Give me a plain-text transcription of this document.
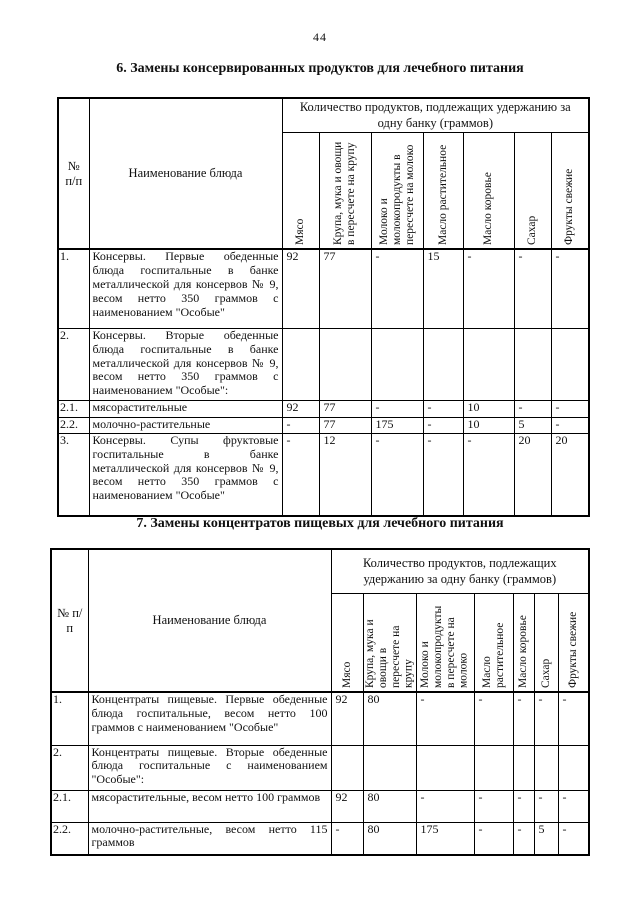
44
6. Замены консервированных продуктов для лечебного питания
№ п/п	Наименование блюда	Количество продуктов, подлежащих удержанию за одну банку (граммов)						

		Мясо	Крупа, мука и овощи в пересчете на крупу	Молоко и молокопродукты в пересчете на молоко	Масло растительное	Масло коровье	Сахар	Фрукты свежие

1.	Консервы. Первые обеденные блюда госпитальные в банке металлической для консервов № 9, весом нетто 350 граммов с наименованием "Особые"	92	77	-	15	-	-	-
2.	Консервы. Вторые обеденные блюда госпитальные в банке металлической для консервов № 9, весом нетто 350 граммов с наименованием "Особые":							
2.1.	мясорастительные	92	77	-	-	10	-	-
2.2.	молочно-растительные	-	77	175	-	10	5	-
3.	Консервы. Супы фруктовые госпитальные в банке металлической для консервов № 9, весом нетто 350 граммов с наименованием "Особые"	-	12	-	-	-	20	20
7. Замены концентратов пищевых для лечебного питания
№ п/п	Наименование блюда	Количество продуктов, подлежащих удержанию за одну банку (граммов)						

		Мясо	Крупа, мука и овощи в пересчете на крупу	Молоко и молокопродукты в пересчете на молоко	Масло растительное	Масло коровье	Сахар	Фрукты свежие

1.	Концентраты пищевые. Первые обеденные блюда госпитальные, весом нетто 100 граммов с наименованием "Особые"	92	80	-	-	-	-	-
2.	Концентраты пищевые. Вторые обеденные блюда госпитальные с наименованием "Особые":							
2.1.	мясорастительные, весом нетто 100 граммов	92	80	-	-	-	-	-
2.2.	молочно-растительные, весом нетто 115 граммов	-	80	175	-	-	5	-
